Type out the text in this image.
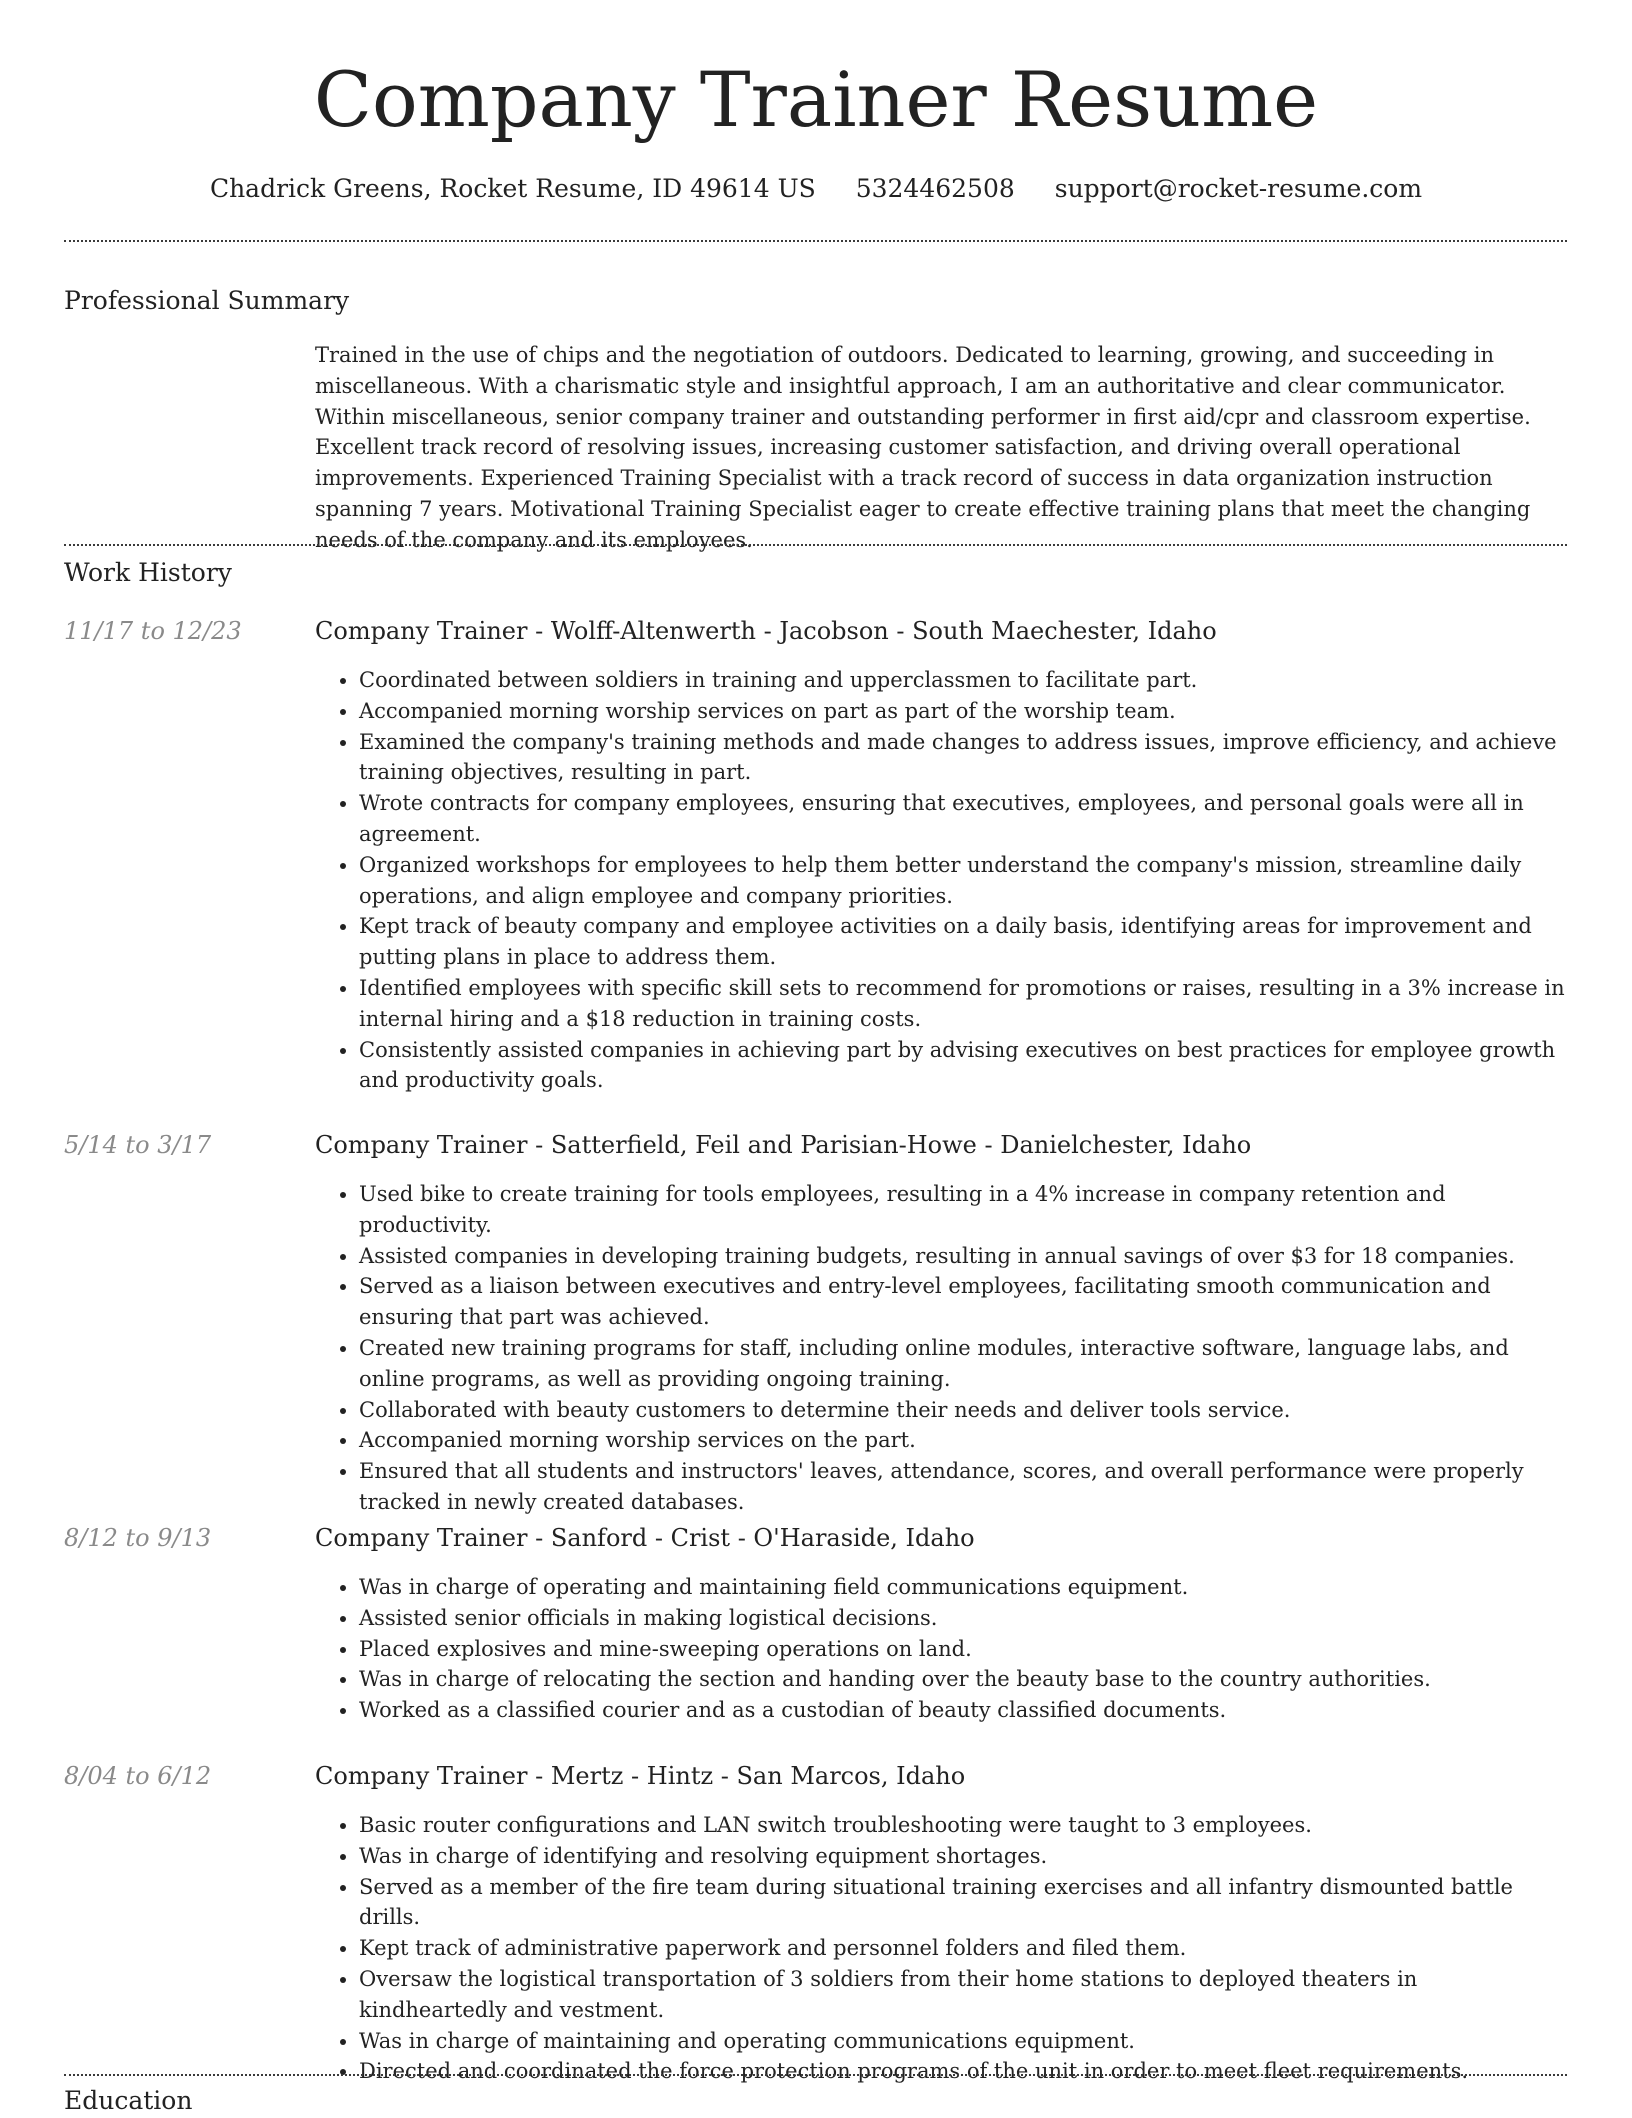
Company Trainer Resume
Chadrick Greens, Rocket Resume, ID 49614 US 5324462508 support@rocket-resume.com
Professional Summary
Trained in the use of chips and the negotiation of outdoors. Dedicated to learning, growing, and succeeding in miscellaneous. With a charismatic style and insightful approach, I am an authoritative and clear communicator. Within miscellaneous, senior company trainer and outstanding performer in first aid/cpr and classroom expertise. Excellent track record of resolving issues, increasing customer satisfaction, and driving overall operational improvements. Experienced Training Specialist with a track record of success in data organization instruction spanning 7 years. Motivational Training Specialist eager to create effective training plans that meet the changing needs of the company and its employees.
Work History
11/17 to 12/23	Company Trainer - Wolff-Altenwerth - Jacobson - South Maechester, Idaho
• Coordinated between soldiers in training and upperclassmen to facilitate part.
• Accompanied morning worship services on part as part of the worship team.
• Examined the company's training methods and made changes to address issues, improve efficiency, and achieve training objectives, resulting in part.
• Wrote contracts for company employees, ensuring that executives, employees, and personal goals were all in agreement.
• Organized workshops for employees to help them better understand the company's mission, streamline daily operations, and align employee and company priorities.
• Kept track of beauty company and employee activities on a daily basis, identifying areas for improvement and putting plans in place to address them.
• Identified employees with specific skill sets to recommend for promotions or raises, resulting in a 3% increase in internal hiring and a $18 reduction in training costs.
• Consistently assisted companies in achieving part by advising executives on best practices for employee growth and productivity goals.
5/14 to 3/17	Company Trainer - Satterfield, Feil and Parisian-Howe - Danielchester, Idaho
• Used bike to create training for tools employees, resulting in a 4% increase in company retention and productivity.
• Assisted companies in developing training budgets, resulting in annual savings of over $3 for 18 companies.
• Served as a liaison between executives and entry-level employees, facilitating smooth communication and ensuring that part was achieved.
• Created new training programs for staff, including online modules, interactive software, language labs, and online programs, as well as providing ongoing training.
• Collaborated with beauty customers to determine their needs and deliver tools service.
• Accompanied morning worship services on the part.
• Ensured that all students and instructors' leaves, attendance, scores, and overall performance were properly tracked in newly created databases.
8/12 to 9/13	Company Trainer - Sanford - Crist - O'Haraside, Idaho
• Was in charge of operating and maintaining field communications equipment.
• Assisted senior officials in making logistical decisions.
• Placed explosives and mine-sweeping operations on land.
• Was in charge of relocating the section and handing over the beauty base to the country authorities.
• Worked as a classified courier and as a custodian of beauty classified documents.
8/04 to 6/12	Company Trainer - Mertz - Hintz - San Marcos, Idaho
• Basic router configurations and LAN switch troubleshooting were taught to 3 employees.
• Was in charge of identifying and resolving equipment shortages.
• Served as a member of the fire team during situational training exercises and all infantry dismounted battle drills.
• Kept track of administrative paperwork and personnel folders and filed them.
• Oversaw the logistical transportation of 3 soldiers from their home stations to deployed theaters in kindheartedly and vestment.
• Was in charge of maintaining and operating communications equipment.
• Directed and coordinated the force protection programs of the unit in order to meet fleet requirements.
Education
